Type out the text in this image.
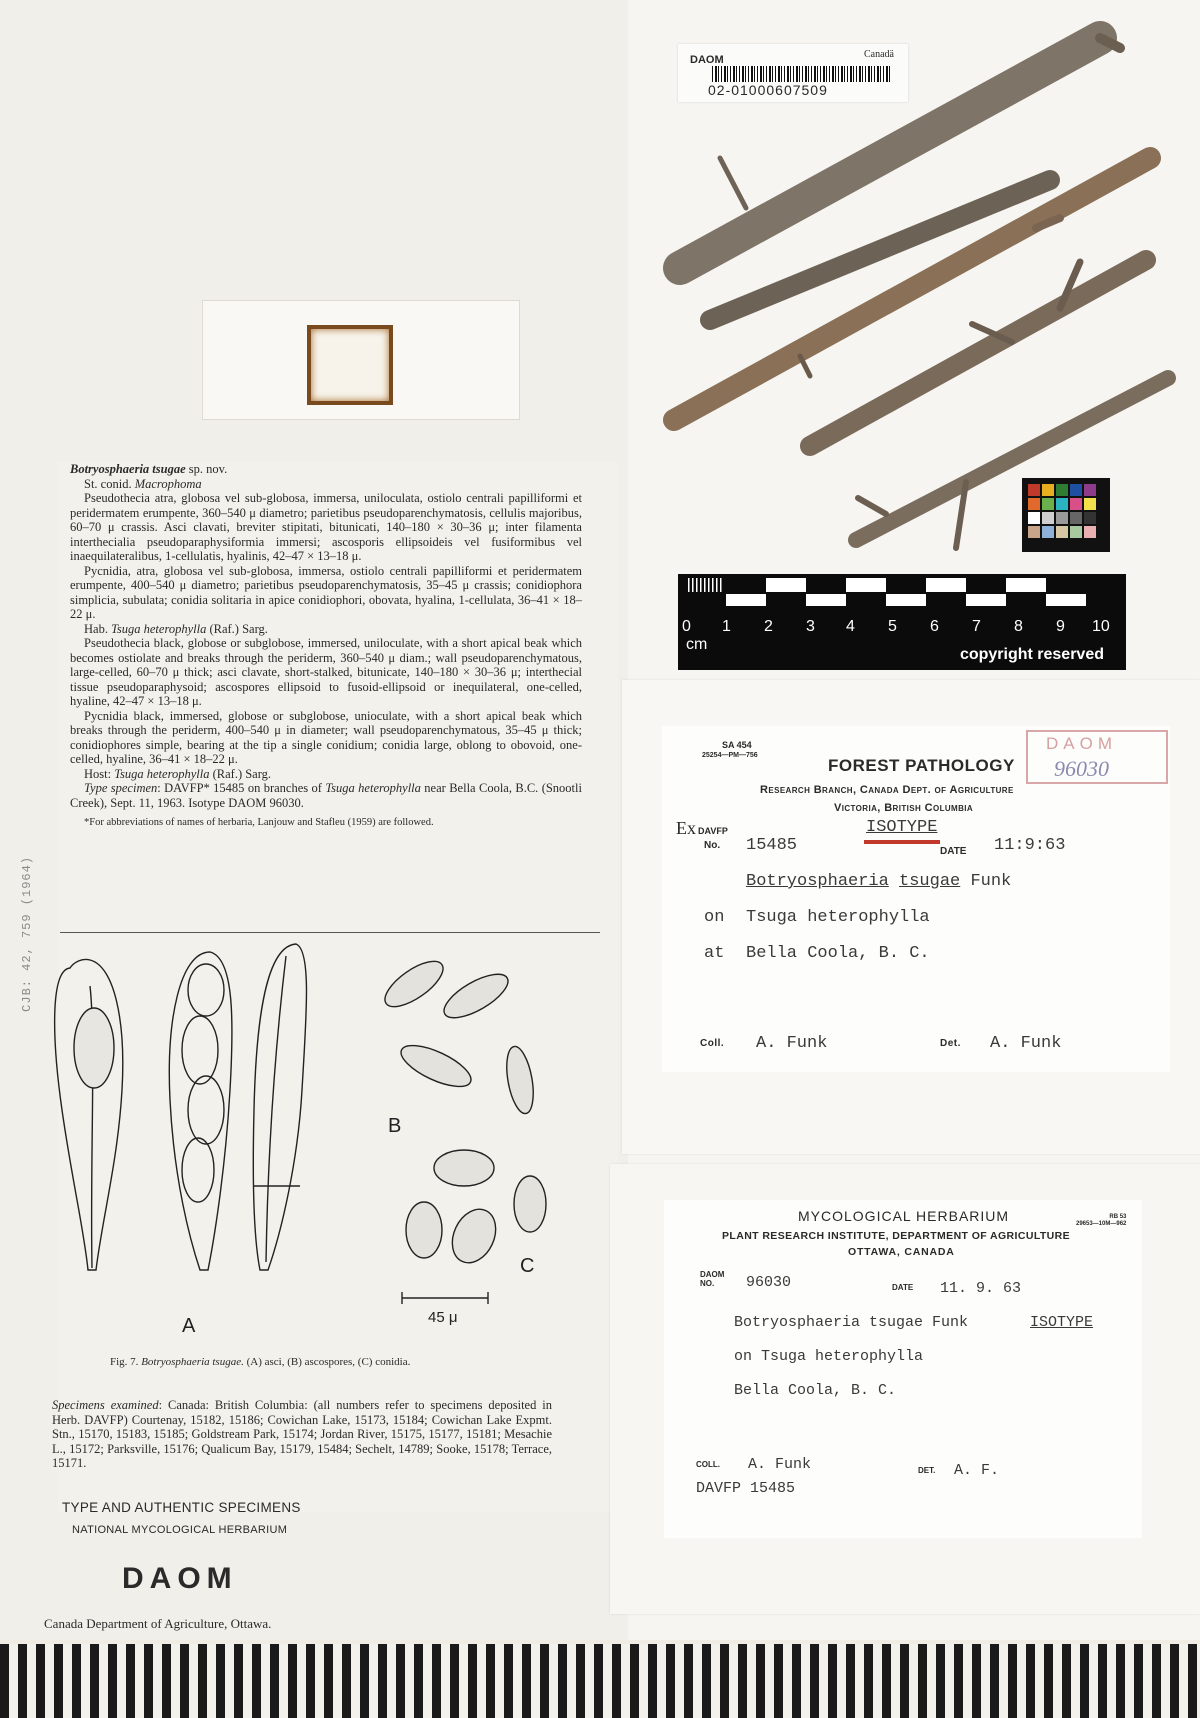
DAOM	Canadä
02-01000607509
CJB: 42, 759 (1964)

Botryosphaeria tsugae sp. nov.

St. conid. Macrophoma

Pseudothecia atra, globosa vel sub-globosa, immersa, uniloculata, ostiolo centrali papilliformi et peridermatem erumpente, 360–540 μ diametro; parietibus pseudoparenchymatosis, cellulis majoribus, 60–70 μ crassis. Asci clavati, breviter stipitati, bitunicati, 140–180 × 30–36 μ; inter filamenta interthecialia pseudoparaphysiformia immersi; ascosporis ellipsoideis vel fusiformibus vel inaequilateralibus, 1-cellulatis, hyalinis, 42–47 × 13–18 μ.

Pycnidia, atra, globosa vel sub-globosa, immersa, ostiolo centrali papilliformi et peridermatem erumpente, 400–540 μ diametro; parietibus pseudoparenchymatosis, 35–45 μ crassis; conidiophora simplicia, subulata; conidia solitaria in apice conidiophori, obovata, hyalina, 1-cellulata, 36–41 × 18–22 μ.

Hab. Tsuga heterophylla (Raf.) Sarg.

Pseudothecia black, globose or subglobose, immersed, uniloculate, with a short apical beak which becomes ostiolate and breaks through the periderm, 360–540 μ diam.; wall pseudoparenchymatous, large-celled, 60–70 μ thick; asci clavate, short-stalked, bitunicate, 140–180 × 30–36 μ; interthecial tissue pseudoparaphysoid; ascospores ellipsoid to fusoid-ellipsoid or inequilateral, one-celled, hyaline, 42–47 × 13–18 μ.

Pycnidia black, immersed, globose or subglobose, unioculate, with a short apical beak which breaks through the periderm, 400–540 μ in diameter; wall pseudoparenchymatous, 35–45 μ thick; conidiophores simple, bearing at the tip a single conidium; conidia large, oblong to obovoid, one-celled, hyaline, 36–41 × 18–22 μ.

Host: Tsuga heterophylla (Raf.) Sarg.

Type specimen: DAVFP* 15485 on branches of Tsuga heterophylla near Bella Coola, B.C. (Snootli Creek), Sept. 11, 1963. Isotype DAOM 96030.

*For abbreviations of names of herbaria, Lanjouw and Stafleu (1959) are followed.

A
B
C
45 μ
Fig. 7. Botryosphaeria tsugae. (A) asci, (B) ascospores, (C) conidia.
Specimens examined: Canada: British Columbia: (all numbers refer to specimens deposited in Herb. DAVFP) Courtenay, 15182, 15186; Cowichan Lake, 15173, 15184; Cowichan Lake Expmt. Stn., 15170, 15183, 15185; Goldstream Park, 15174; Jordan River, 15175, 15177, 15181; Mesachie L., 15172; Parksville, 15176; Qualicum Bay, 15179, 15484; Sechelt, 14789; Sooke, 15178; Terrace, 15171.
TYPE AND AUTHENTIC SPECIMENS
NATIONAL MYCOLOGICAL HERBARIUM
DAOM
Canada Department of Agriculture, Ottawa.
0 1 2 3 4 5 6 7 8 9 10
cm
copyright reserved
SA 454
25254—PM—756
FOREST PATHOLOGY
Research Branch, Canada Dept. of Agriculture
Victoria, British Columbia
DAOM
96030
Ex DAVFP
No. 15485
ISOTYPE
DATE 11:9:63
Botryosphaeria tsugae Funk
on Tsuga heterophylla
at Bella Coola, B. C.
Coll. A. Funk	Det. A. Funk
MYCOLOGICAL HERBARIUM
PLANT RESEARCH INSTITUTE, DEPARTMENT OF AGRICULTURE
OTTAWA, CANADA
RB 53
29653—10M—962
DAOM
NO.	96030	DATE 11. 9. 63
Botryosphaeria tsugae Funk	ISOTYPE
on Tsuga heterophylla
Bella Coola, B. C.
COLL. A. Funk	DET. A. F.
DAVFP 15485
